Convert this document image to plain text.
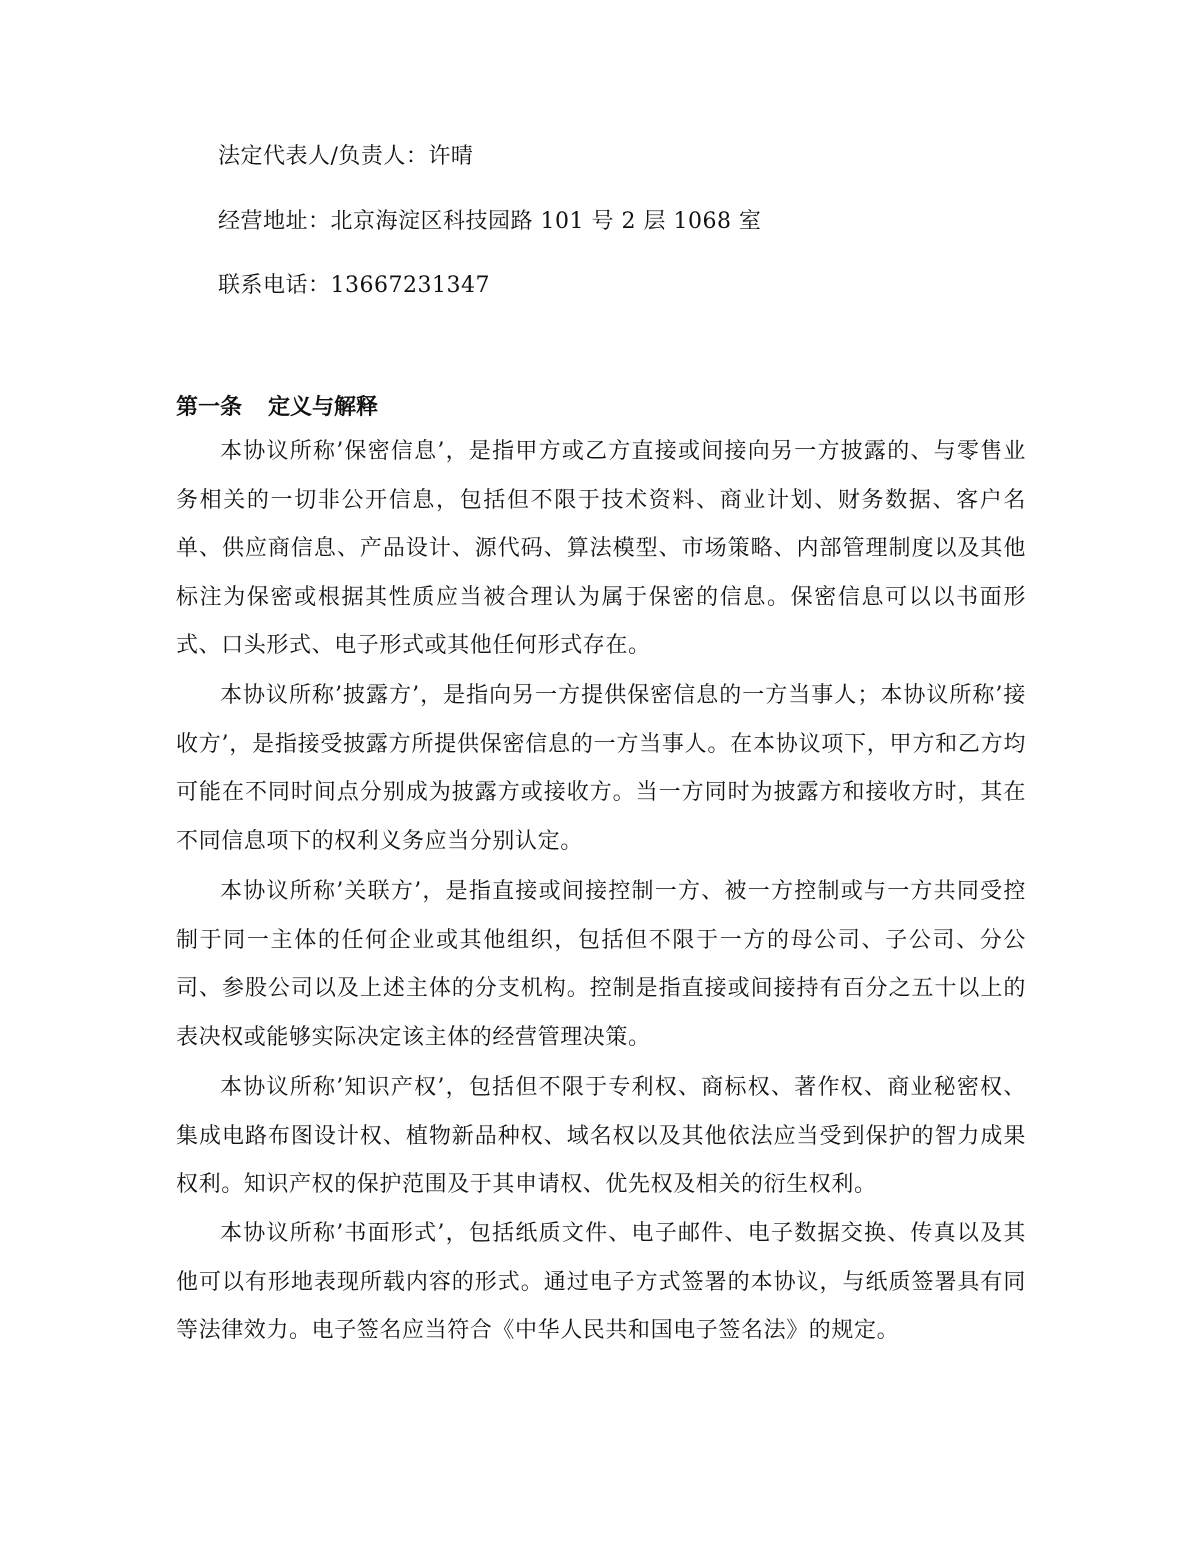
法定代表人/负责人：许晴
经营地址：北京海淀区科技园路 101 号 2 层 1068 室
联系电话：13667231347
第一条 定义与解释

本协议所称’保密信息’，是指甲方或乙方直接或间接向另一方披露的、与零售业务相关的一切非公开信息，包括但不限于技术资料、商业计划、财务数据、客户名单、供应商信息、产品设计、源代码、算法模型、市场策略、内部管理制度以及其他标注为保密或根据其性质应当被合理认为属于保密的信息。保密信息可以以书面形式、口头形式、电子形式或其他任何形式存在。

本协议所称’披露方’，是指向另一方提供保密信息的一方当事人；本协议所称’接收方’，是指接受披露方所提供保密信息的一方当事人。在本协议项下，甲方和乙方均可能在不同时间点分别成为披露方或接收方。当一方同时为披露方和接收方时，其在不同信息项下的权利义务应当分别认定。

本协议所称’关联方’，是指直接或间接控制一方、被一方控制或与一方共同受控制于同一主体的任何企业或其他组织，包括但不限于一方的母公司、子公司、分公司、参股公司以及上述主体的分支机构。控制是指直接或间接持有百分之五十以上的表决权或能够实际决定该主体的经营管理决策。

本协议所称’知识产权’，包括但不限于专利权、商标权、著作权、商业秘密权、集成电路布图设计权、植物新品种权、域名权以及其他依法应当受到保护的智力成果权利。知识产权的保护范围及于其申请权、优先权及相关的衍生权利。

本协议所称’书面形式’，包括纸质文件、电子邮件、电子数据交换、传真以及其他可以有形地表现所载内容的形式。通过电子方式签署的本协议，与纸质签署具有同等法律效力。电子签名应当符合《中华人民共和国电子签名法》的规定。
